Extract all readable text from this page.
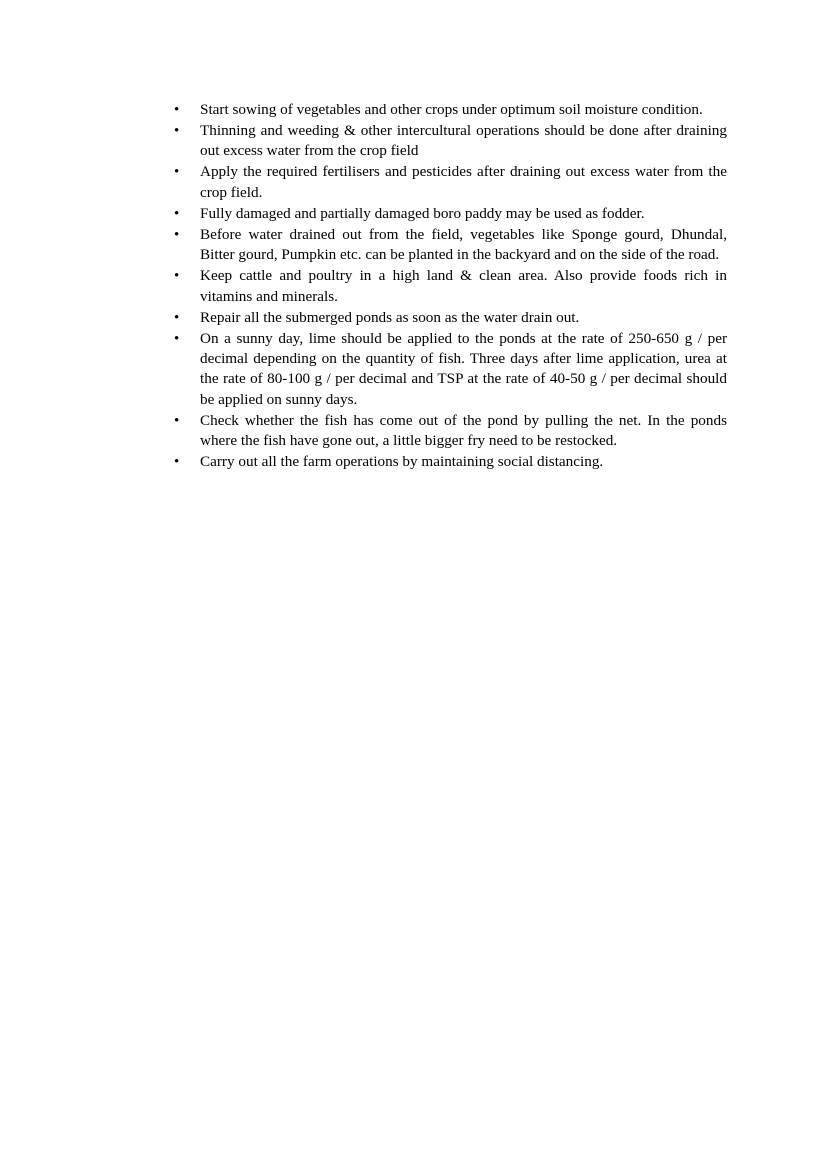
•	Start sowing of vegetables and other crops under optimum soil moisture condition.
•	Thinning and weeding & other intercultural operations should be done after draining out excess water from the crop field
•	Apply the required fertilisers and pesticides after draining out excess water from the crop field.
•	Fully damaged and partially damaged boro paddy may be used as fodder.
•	Before water drained out from the field, vegetables like Sponge gourd, Dhundal, Bitter gourd, Pumpkin etc. can be planted in the backyard and on the side of the road.
•	Keep cattle and poultry in a high land & clean area. Also provide foods rich in vitamins and minerals.
•	Repair all the submerged ponds as soon as the water drain out.
•	On a sunny day, lime should be applied to the ponds at the rate of 250-650 g / per decimal depending on the quantity of fish. Three days after lime application, urea at the rate of 80-100 g / per decimal and TSP at the rate of 40-50 g / per decimal should be applied on sunny days.
•	Check whether the fish has come out of the pond by pulling the net. In the ponds where the fish have gone out, a little bigger fry need to be restocked.
•	Carry out all the farm operations by maintaining social distancing.
